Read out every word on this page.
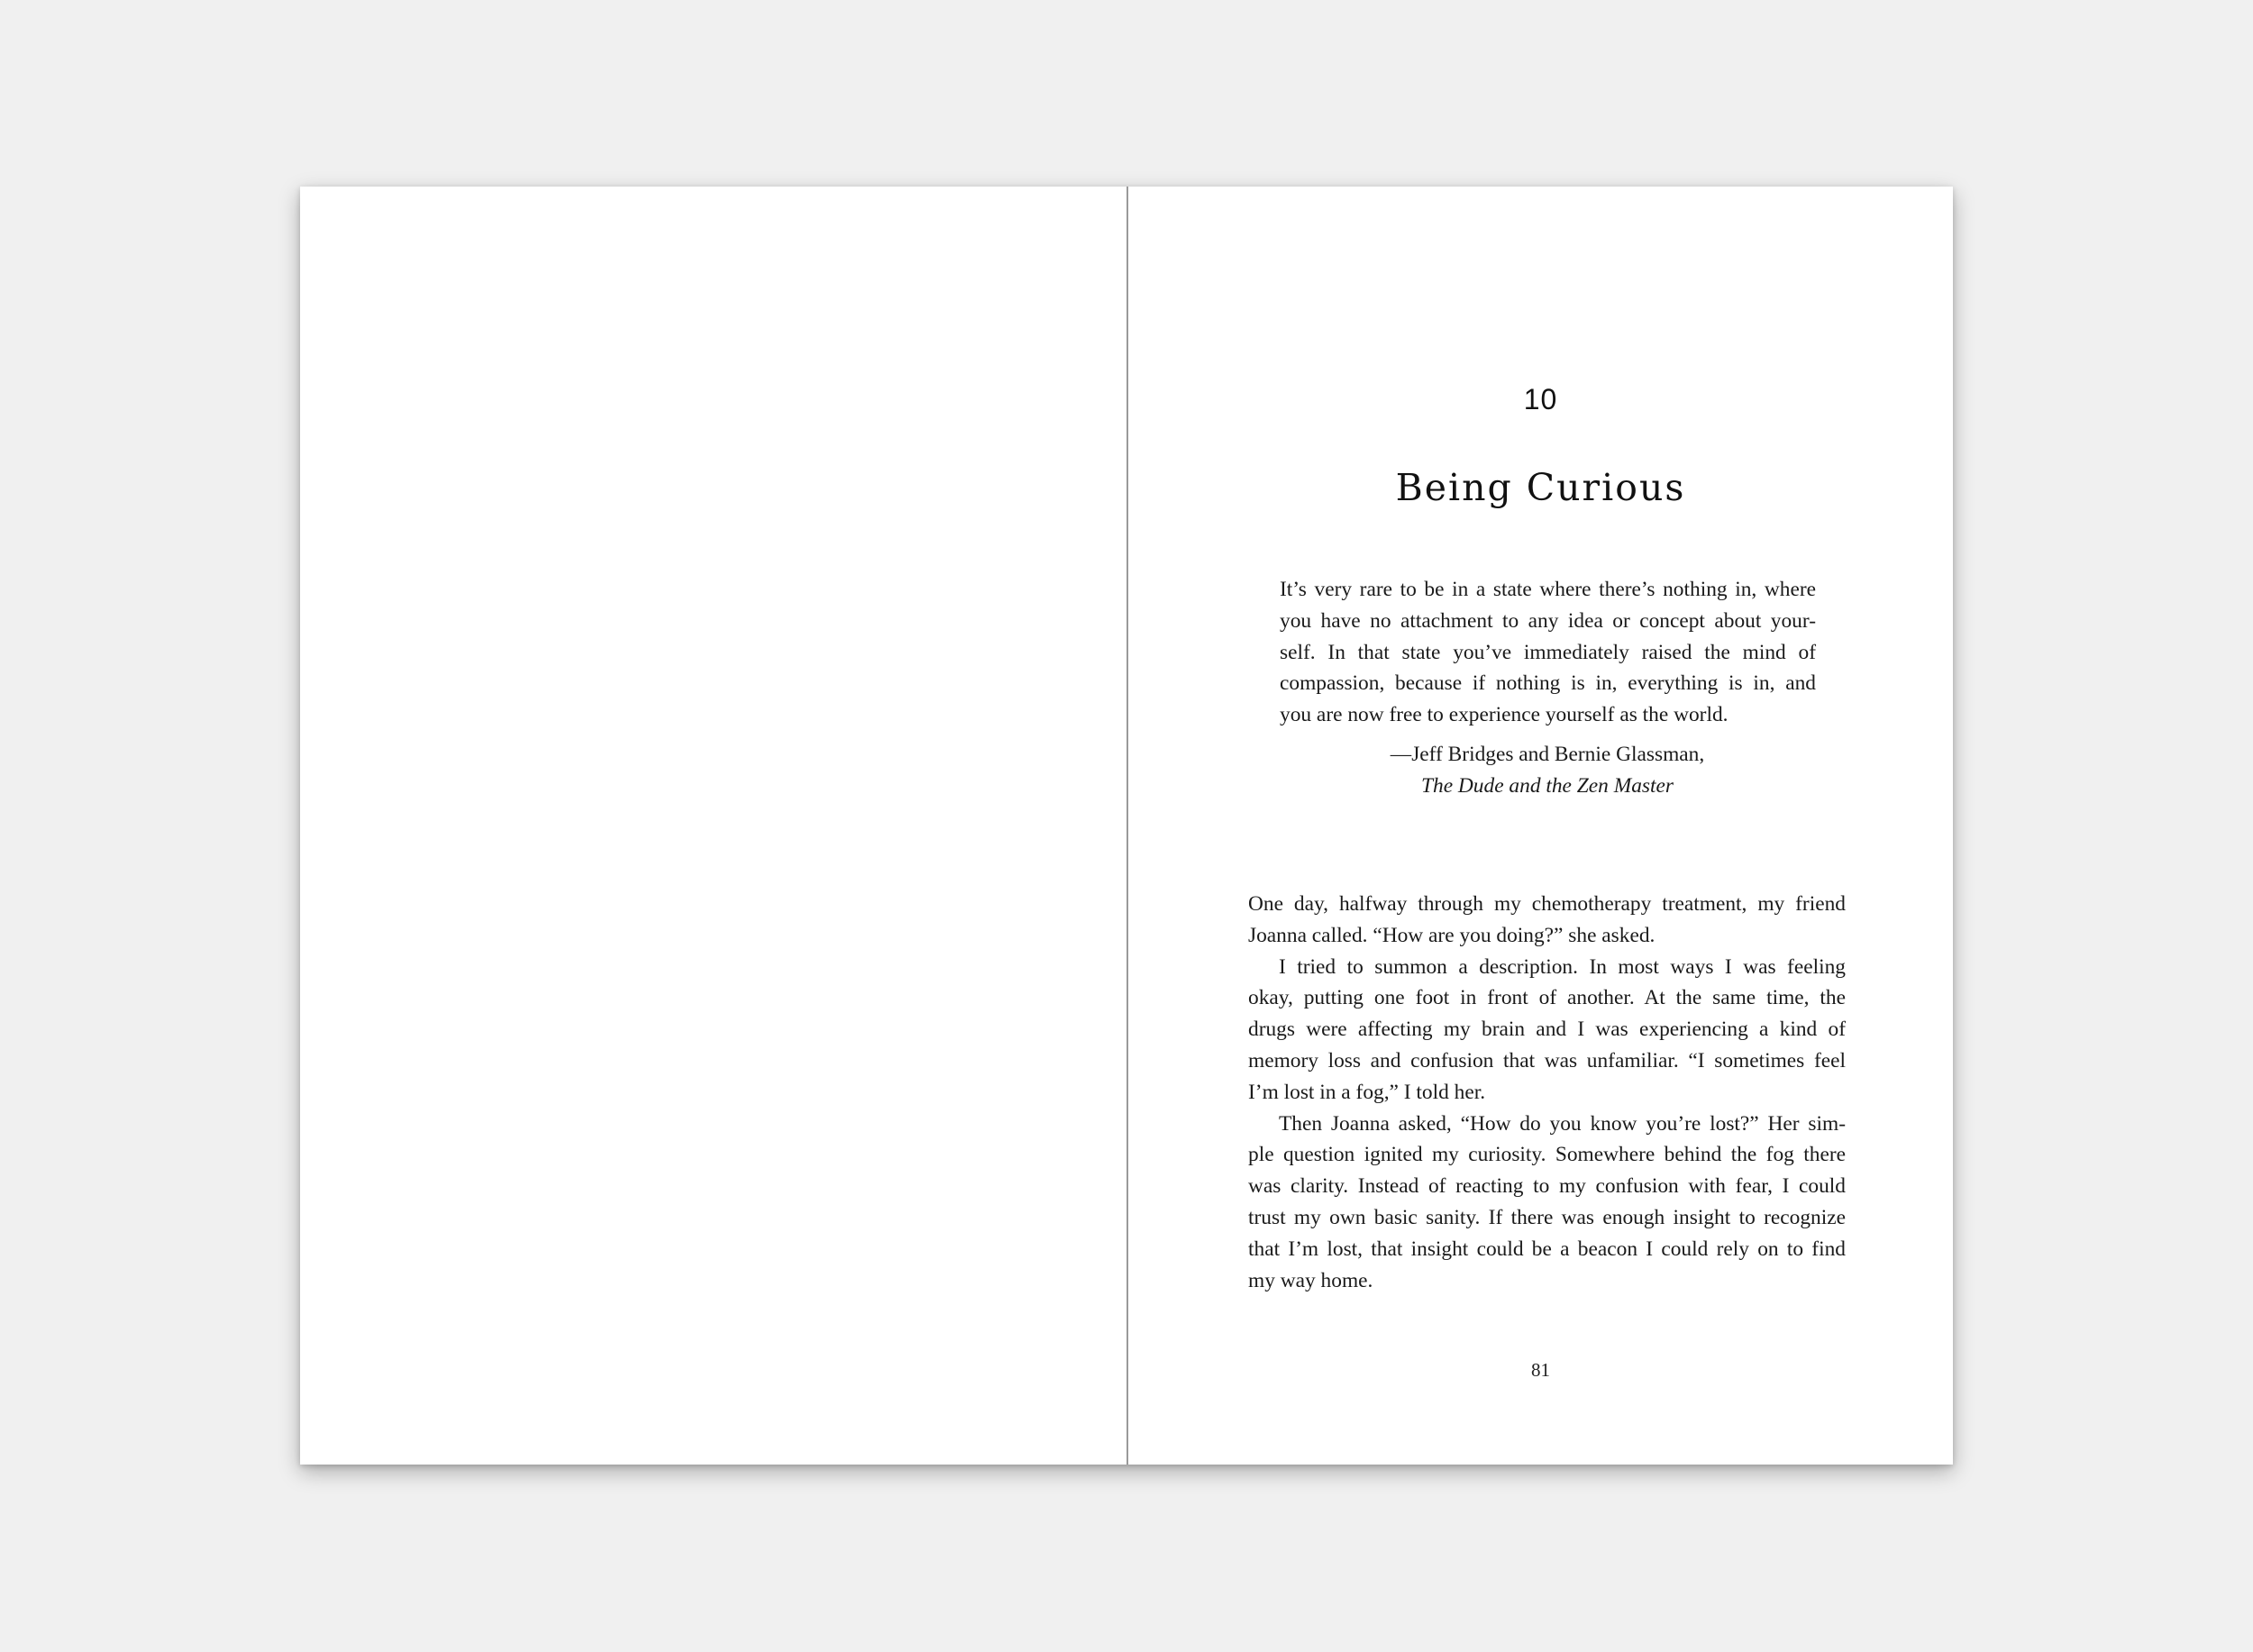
10
Being Curious
It’s very rare to be in a state where there’s nothing in, where
you have no attachment to any idea or concept about your-
self. In that state you’ve immediately raised the mind of
compassion, because if nothing is in, everything is in, and
you are now free to experience yourself as the world.
—Jeff Bridges and Bernie Glassman,
The Dude and the Zen Master
One day, halfway through my chemotherapy treatment, my friend
Joanna called. “How are you doing?” she asked.
I tried to summon a description. In most ways I was feeling
okay, putting one foot in front of another. At the same time, the
drugs were affecting my brain and I was experiencing a kind of
memory loss and confusion that was unfamiliar. “I sometimes feel
I’m lost in a fog,” I told her.
Then Joanna asked, “How do you know you’re lost?” Her sim-
ple question ignited my curiosity. Somewhere behind the fog there
was clarity. Instead of reacting to my confusion with fear, I could
trust my own basic sanity. If there was enough insight to recognize
that I’m lost, that insight could be a beacon I could rely on to find
my way home.
81
